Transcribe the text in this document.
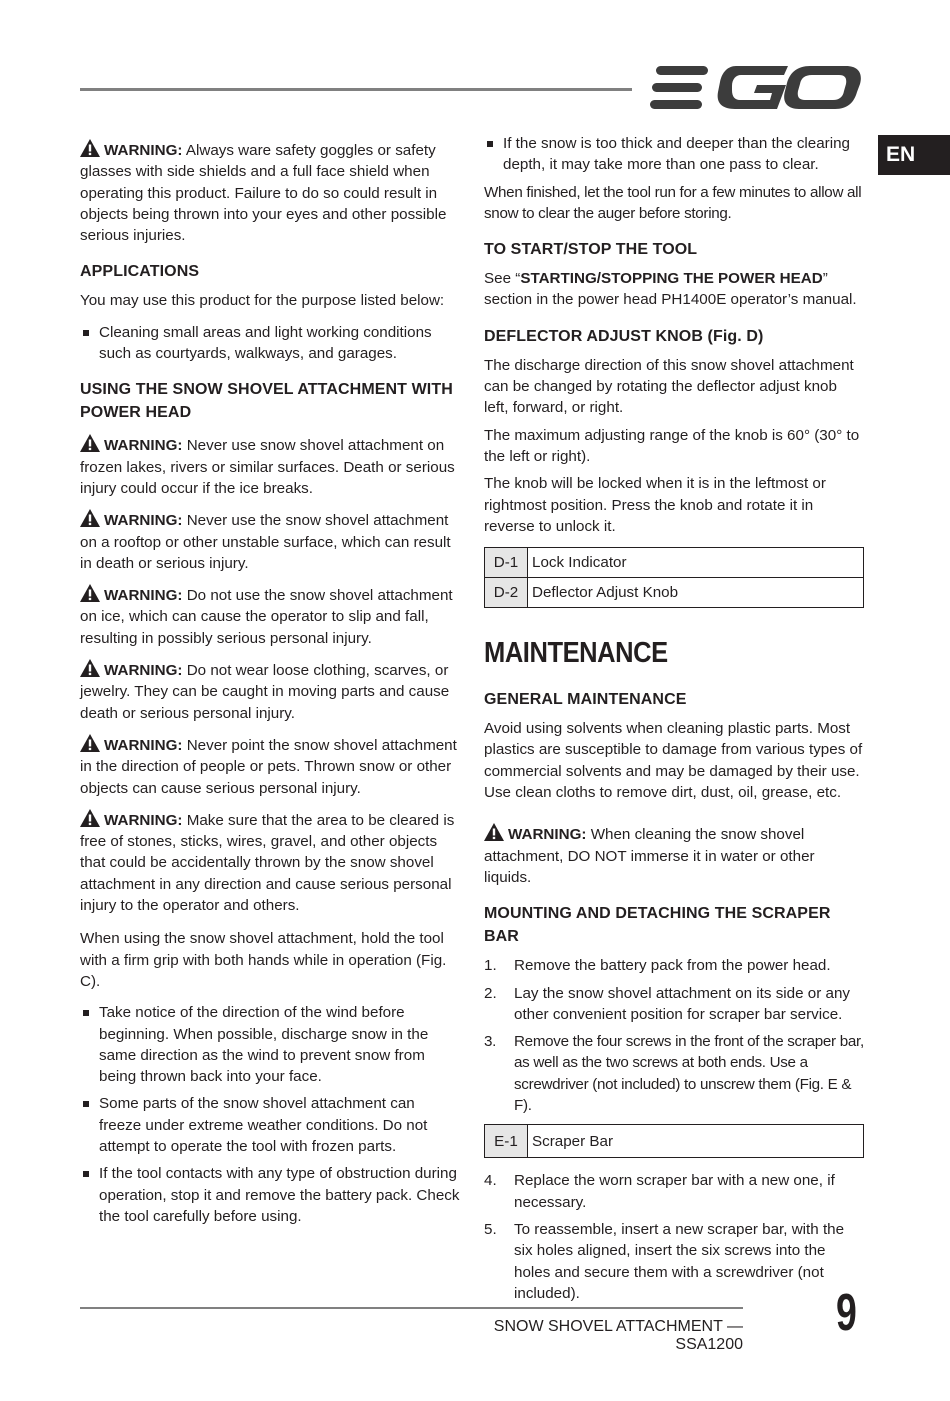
EN

WARNING: Always ware safety goggles or safety glasses with side shields and a full face shield when operating this product. Failure to do so could result in objects being thrown into your eyes and other possible serious injuries.

APPLICATIONS

You may use this product for the purpose listed below:

Cleaning small areas and light working conditions such as courtyards, walkways, and garages.
USING THE SNOW SHOVEL ATTACHMENT WITH POWER HEAD

WARNING: Never use snow shovel attachment on frozen lakes, rivers or similar surfaces. Death or serious injury could occur if the ice breaks.

WARNING: Never use the snow shovel attachment on a rooftop or other unstable surface, which can result in death or serious injury.

WARNING: Do not use the snow shovel attachment on ice, which can cause the operator to slip and fall, resulting in possibly serious personal injury.

WARNING: Do not wear loose clothing, scarves, or jewelry. They can be caught in moving parts and cause death or serious personal injury.

WARNING: Never point the snow shovel attachment in the direction of people or pets. Thrown snow or other objects can cause serious personal injury.

WARNING: Make sure that the area to be cleared is free of stones, sticks, wires, gravel, and other objects that could be accidentally thrown by the snow shovel attachment in any direction and cause serious personal injury to the operator and others.

When using the snow shovel attachment, hold the tool with a firm grip with both hands while in operation (Fig. C).

Take notice of the direction of the wind before beginning. When possible, discharge snow in the same direction as the wind to prevent snow from being thrown back into your face.
Some parts of the snow shovel attachment can freeze under extreme weather conditions. Do not attempt to operate the tool with frozen parts.
If the tool contacts with any type of obstruction during operation, stop it and remove the battery pack. Check the tool carefully before using.
If the snow is too thick and deeper than the clearing depth, it may take more than one pass to clear.

When finished, let the tool run for a few minutes to allow all snow to clear the auger before storing.

TO START/STOP THE TOOL

See “STARTING/STOPPING THE POWER HEAD” section in the power head PH1400E operator’s manual.

DEFLECTOR ADJUST KNOB (Fig. D)

The discharge direction of this snow shovel attachment can be changed by rotating the deflector adjust knob left, forward, or right.

The maximum adjusting range of the knob is 60° (30° to the left or right).

The knob will be locked when it is in the leftmost or rightmost position. Press the knob and rotate it in reverse to unlock it.

D-1	Lock Indicator
D-2	Deflector Adjust Knob
MAINTENANCE
GENERAL MAINTENANCE

Avoid using solvents when cleaning plastic parts. Most plastics are susceptible to damage from various types of commercial solvents and may be damaged by their use. Use clean cloths to remove dirt, dust, oil, grease, etc.

WARNING: When cleaning the snow shovel attachment, DO NOT immerse it in water or other liquids.

MOUNTING AND DETACHING THE SCRAPER BAR
1. Remove the battery pack from the power head.
2. Lay the snow shovel attachment on its side or any other convenient position for scraper bar service.
3. Remove the four screws in the front of the scraper bar, as well as the two screws at both ends. Use a screwdriver (not included) to unscrew them (Fig. E & F).
E-1	Scraper Bar
4. Replace the worn scraper bar with a new one, if necessary.
5. To reassemble, insert a new scraper bar, with the six holes aligned, insert the six screws into the holes and secure them with a screwdriver (not included).
SNOW SHOVEL ATTACHMENT — SSA1200
9
